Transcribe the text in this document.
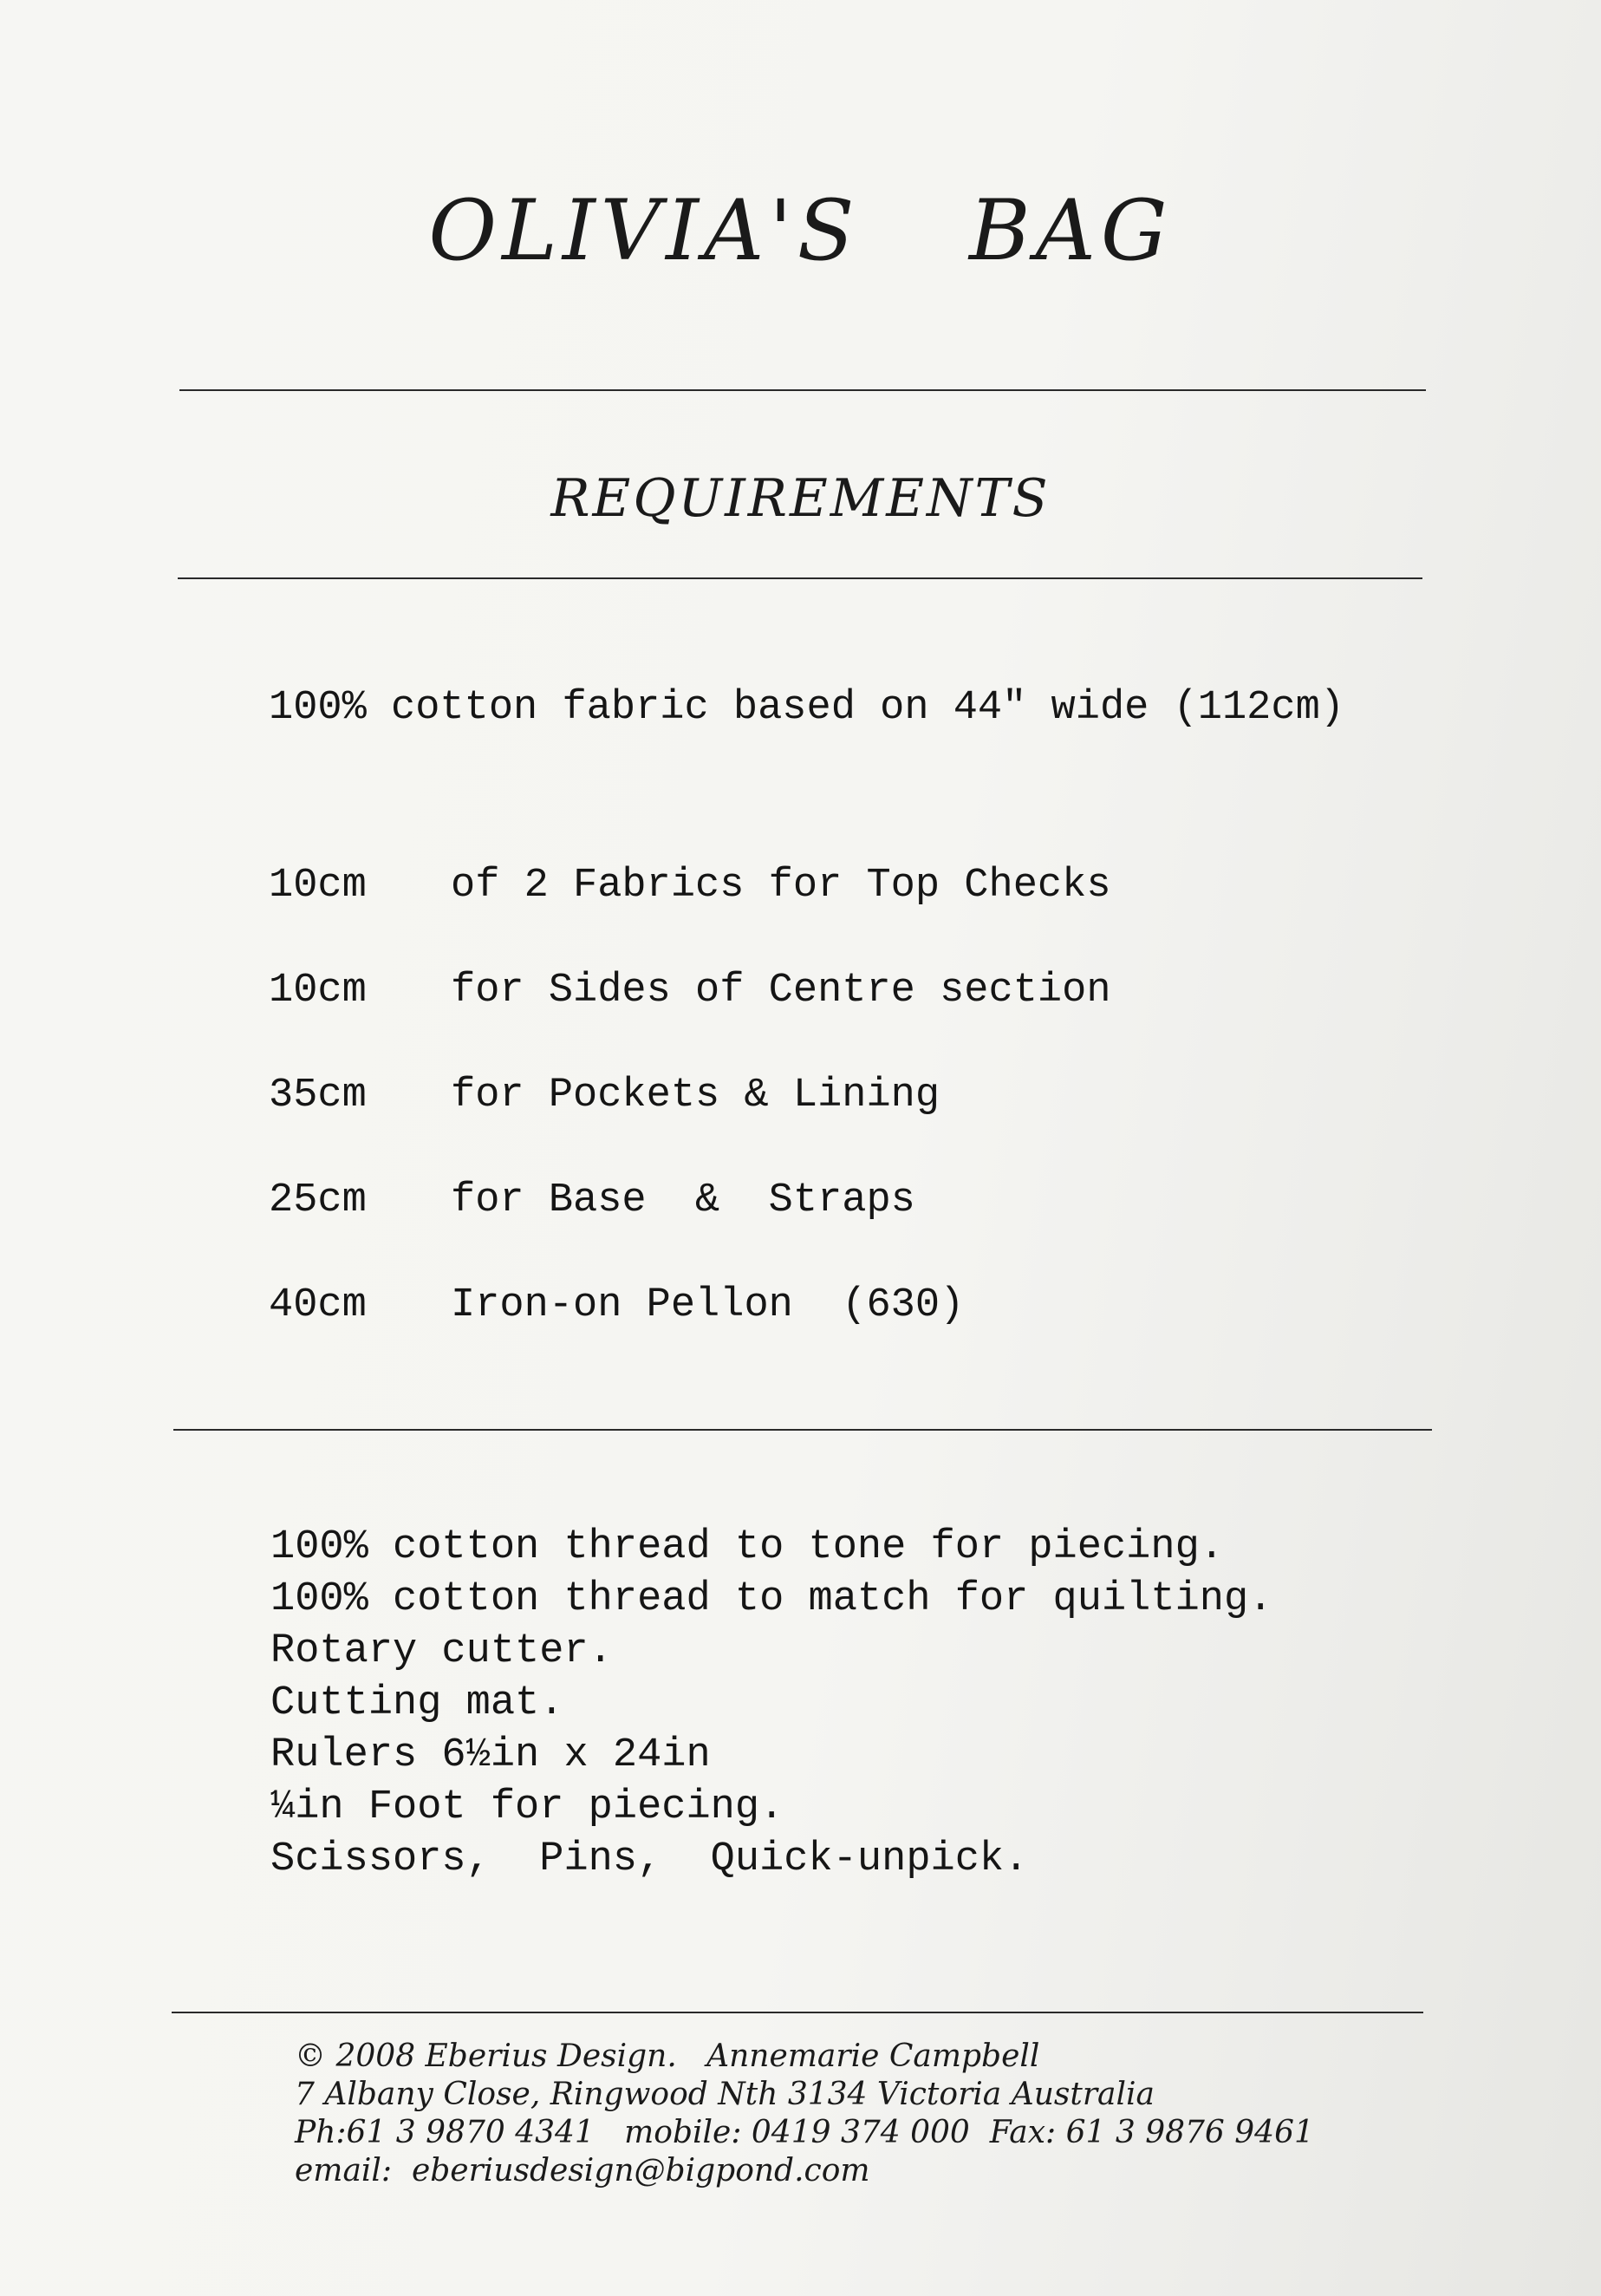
OLIVIA'S BAG
REQUIREMENTS
100% cotton fabric based on 44″ wide (112cm)
10cm of 2 Fabrics for Top Checks
10cm for Sides of Centre section
35cm for Pockets & Lining
25cm for Base  &  Straps
40cm Iron-on Pellon  (630)
100% cotton thread to tone for piecing.
100% cotton thread to match for quilting.
Rotary cutter.
Cutting mat.
Rulers 6½in x 24in
¼in Foot for piecing.
Scissors,  Pins,  Quick-unpick.
© 2008 Eberius Design.   Annemarie Campbell
7 Albany Close, Ringwood Nth 3134 Victoria Australia
Ph:61 3 9870 4341   mobile: 0419 374 000  Fax: 61 3 9876 9461
email:  eberiusdesign@bigpond.com
